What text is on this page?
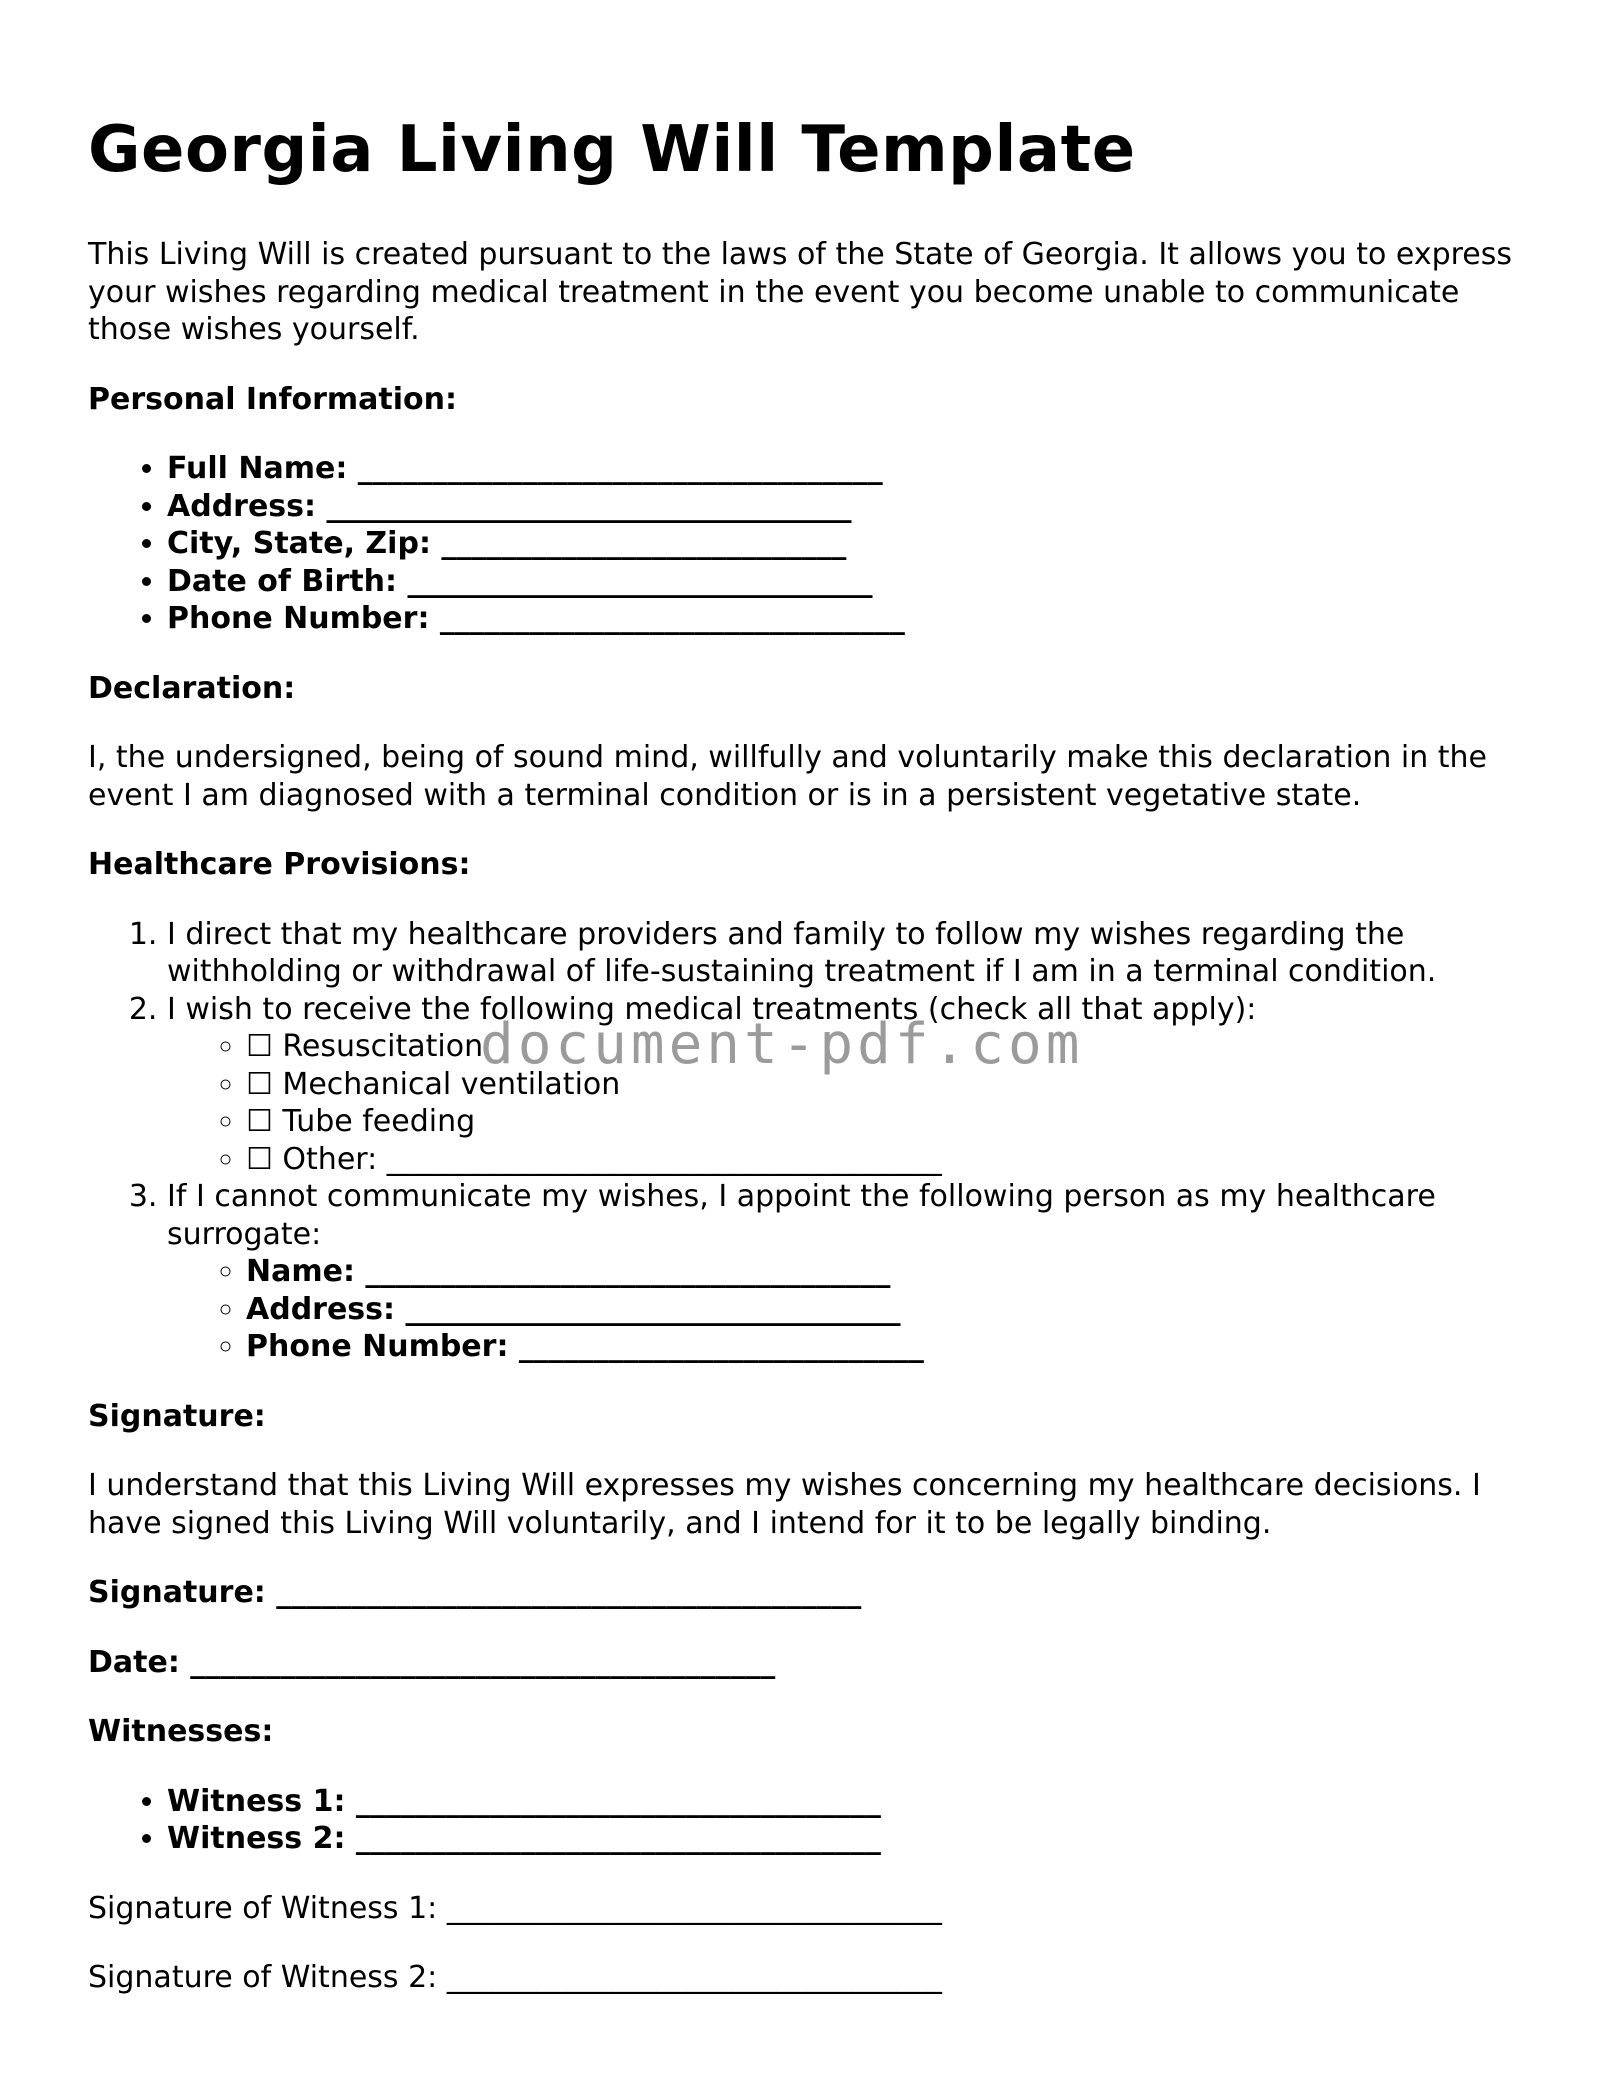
Georgia Living Will Template

This Living Will is created pursuant to the laws of the State of Georgia. It allows you to express your wishes regarding medical treatment in the event you become unable to communicate those wishes yourself.

Personal Information:

• Full Name: ___________________________________
• Address: ___________________________________
• City, State, Zip: ___________________________
• Date of Birth: _______________________________
• Phone Number: _______________________________

Declaration:

I, the undersigned, being of sound mind, willfully and voluntarily make this declaration in the event I am diagnosed with a terminal condition or is in a persistent vegetative state.

Healthcare Provisions:

1. I direct that my healthcare providers and family to follow my wishes regarding the withholding or withdrawal of life-sustaining treatment if I am in a terminal condition.
2. I wish to receive the following medical treatments (check all that apply):
◦ ☐ Resuscitation
◦ ☐ Mechanical ventilation
◦ ☐ Tube feeding
◦ ☐ Other: _____________________________________
3. If I cannot communicate my wishes, I appoint the following person as my healthcare surrogate:
◦ Name: ___________________________________
◦ Address: _________________________________
◦ Phone Number: ___________________________

Signature:

I understand that this Living Will expresses my wishes concerning my healthcare decisions. I have signed this Living Will voluntarily, and I intend for it to be legally binding.

Signature: _______________________________________

Date: _______________________________________

Witnesses:

• Witness 1: ___________________________________
• Witness 2: ___________________________________

Signature of Witness 1: _________________________________

Signature of Witness 2: _________________________________

document-pdf.com
